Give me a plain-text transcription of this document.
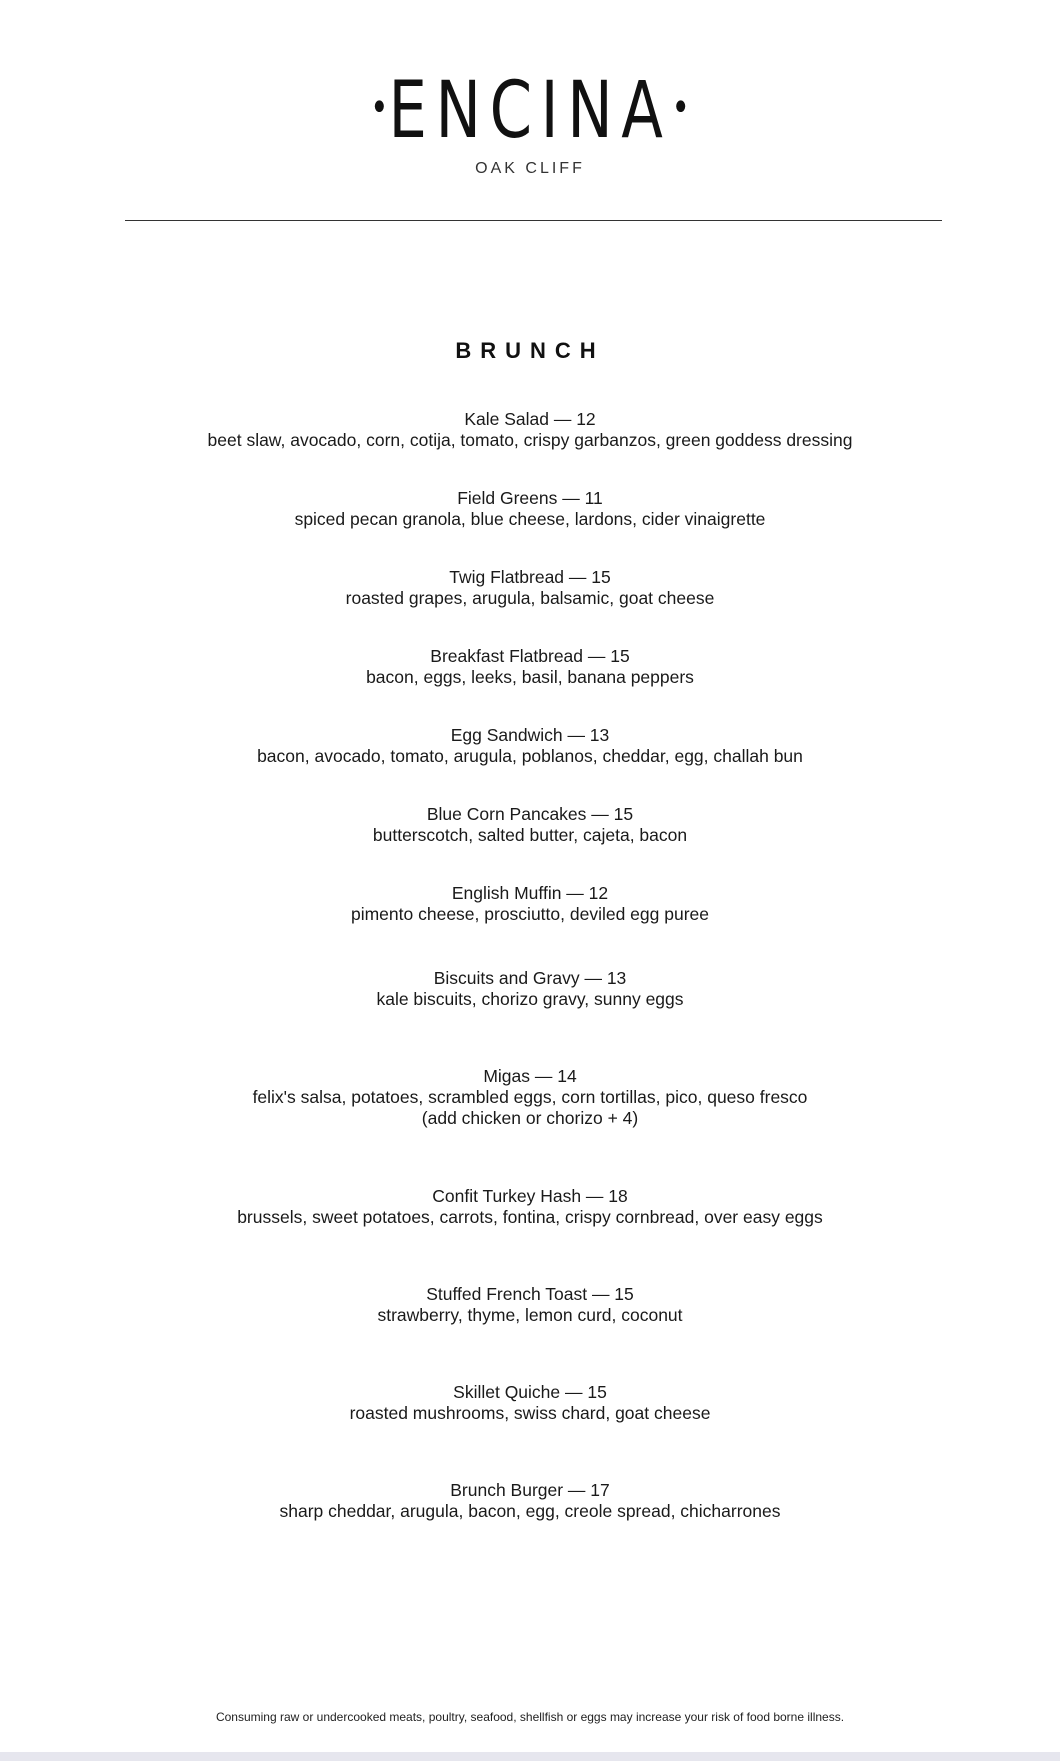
•ENCINA•
OAK CLIFF
BRUNCH
Kale Salad — 12
beet slaw, avocado, corn, cotija, tomato, crispy garbanzos, green goddess dressing
Field Greens — 11
spiced pecan granola, blue cheese, lardons, cider vinaigrette
Twig Flatbread — 15
roasted grapes, arugula, balsamic, goat cheese
Breakfast Flatbread — 15
bacon, eggs, leeks, basil, banana peppers
Egg Sandwich — 13
bacon, avocado, tomato, arugula, poblanos, cheddar, egg, challah bun
Blue Corn Pancakes — 15
butterscotch, salted butter, cajeta, bacon
English Muffin — 12
pimento cheese, prosciutto, deviled egg puree
Biscuits and Gravy — 13
kale biscuits, chorizo gravy, sunny eggs
Migas — 14
felix's salsa, potatoes, scrambled eggs, corn tortillas, pico, queso fresco
(add chicken or chorizo + 4)
Confit Turkey Hash — 18
brussels, sweet potatoes, carrots, fontina, crispy cornbread, over easy eggs
Stuffed French Toast — 15
strawberry, thyme, lemon curd, coconut
Skillet Quiche — 15
roasted mushrooms, swiss chard, goat cheese
Brunch Burger — 17
sharp cheddar, arugula, bacon, egg, creole spread, chicharrones
Consuming raw or undercooked meats, poultry, seafood, shellfish or eggs may increase your risk of food borne illness.
